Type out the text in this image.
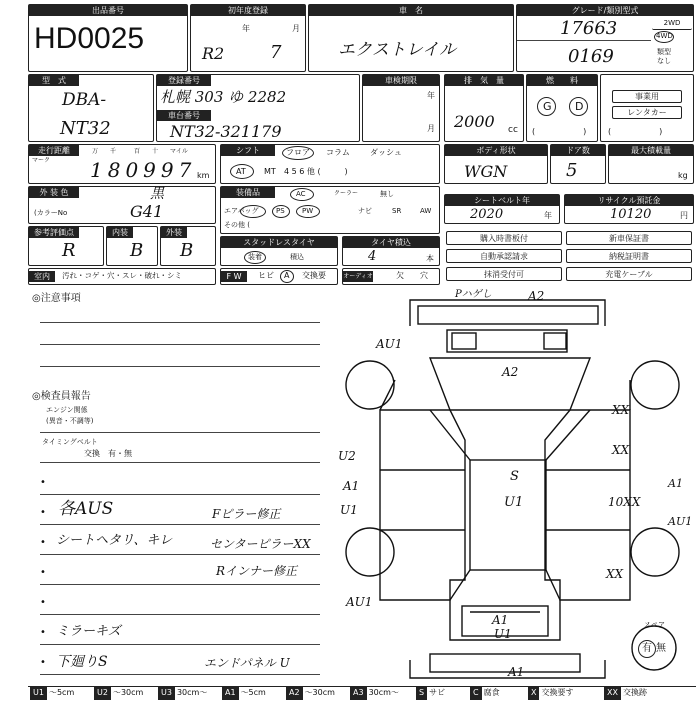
出品番号
HD0025
初年度登録
年	月
R2	7
車　名
エクストレイル
グレード/類別型式
17663
0169
2WD
4WD
類型
なし
型　式
DBA-
NT32
登録番号
札幌 303 ゆ 2282
車台番号
NT32-321179
車検期限
年
月
排　気　量
2000 cc
燃　　料
G D
(　　　　　　)
事業用
レンタカー
(　　　　　　)
走行距離
マーク
万　　千　　　百　　十　　マイル
180997 km
シフト	フロア コラム	ダッシュ
AT MT 4 5 6 他 (　　　)
ボディ形状
WGN
ドア数
5
最大積載量
kg
外 装 色	黒
(カラーNo	G41
装備品	AC	クーラー	無し
エアバッグ	PS PW	ナビ	SR	AW
その他 (
シートベルト年
2020	年
リサイクル預託金
10120	円
参考評価点
R
内装
B
外装
B	スタッドレスタイヤ
装着	積込
タイヤ積込
4	本
購入時書板付	新車保証書
自動承認請求	納税証明書
抹消受付可	充電ケーブル
室内	汚れ・コゲ・穴・スレ・破れ・シミ	F W	ヒビ A 交換要	オーディオ	欠 穴
◎注意事項
◎検査員報告
エンジン関係
(異音・不調等)
タイミングベルト
交換　有・無
•
• 各AUS	Fピラー修正
• シートヘタリ、キレ	センターピラーXX
•	Rインナー修正
•
• ミラーキズ
• 下廻りS	エンドパネル U
Pハゲし	A2
AU1
A2
XX
XX
U2
A1
S
U1	10XX
A1
U1
AU1
XX
AU1
A1
U1
A1
スペア
有 無
U1 ～5cm	U2 ～30cm	U3 30cm～	A1 ～5cm	A2 ～30cm	A3 30cm～	S サビ	C 腐食	X 交換要す	XX 交換跡
